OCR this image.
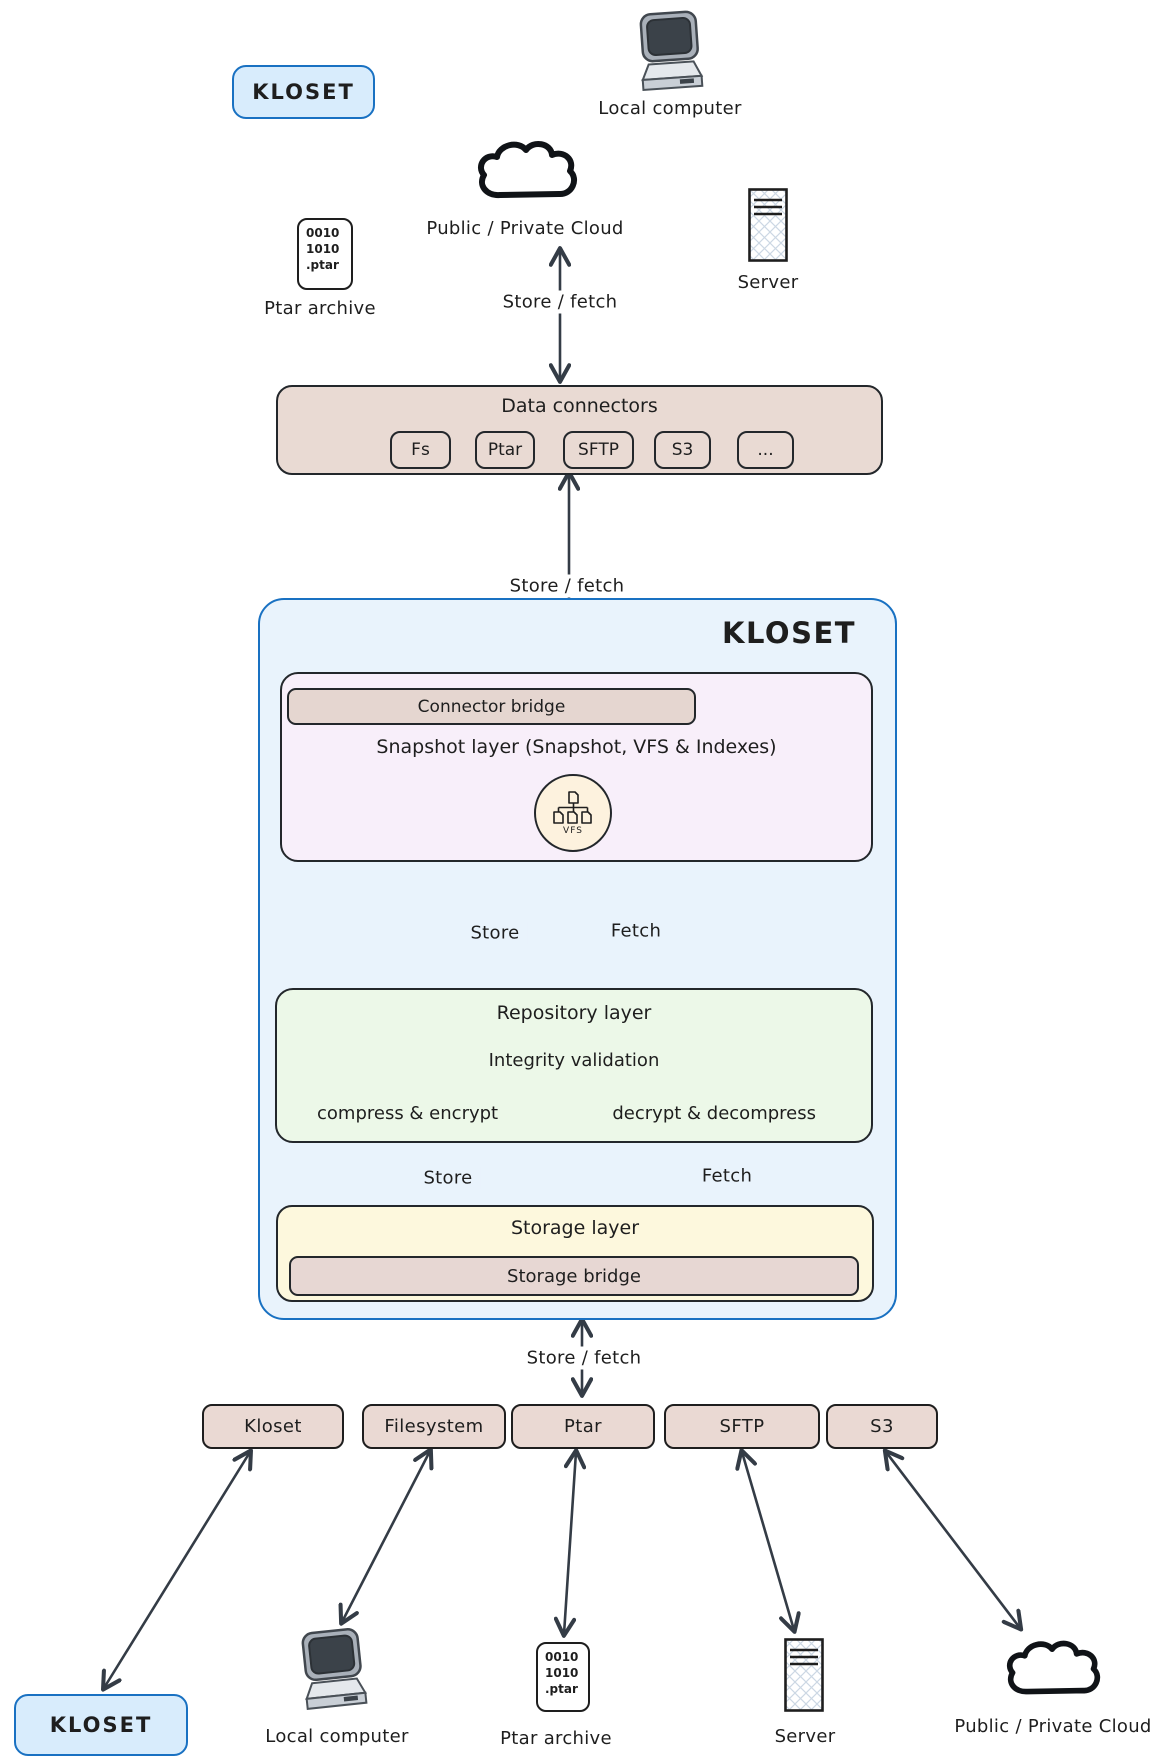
KLOSET
Local computer
Public / Private Cloud
0010
1010
.ptar
Ptar archive
Server
Store / fetch
Data connectors
Fs	Ptar	SFTP	S3	...
Store / fetch
KLOSET
Connector bridge
Snapshot layer (Snapshot, VFS & Indexes)
VFS
Store	Fetch
Repository layer
Integrity validation
compress & encrypt	decrypt & decompress
Store	Fetch
Storage layer
Storage bridge
Store / fetch
Kloset	Filesystem	Ptar	SFTP	S3
KLOSET	Local computer
0010
1010
.ptar
Ptar archive	Server	Public / Private Cloud
